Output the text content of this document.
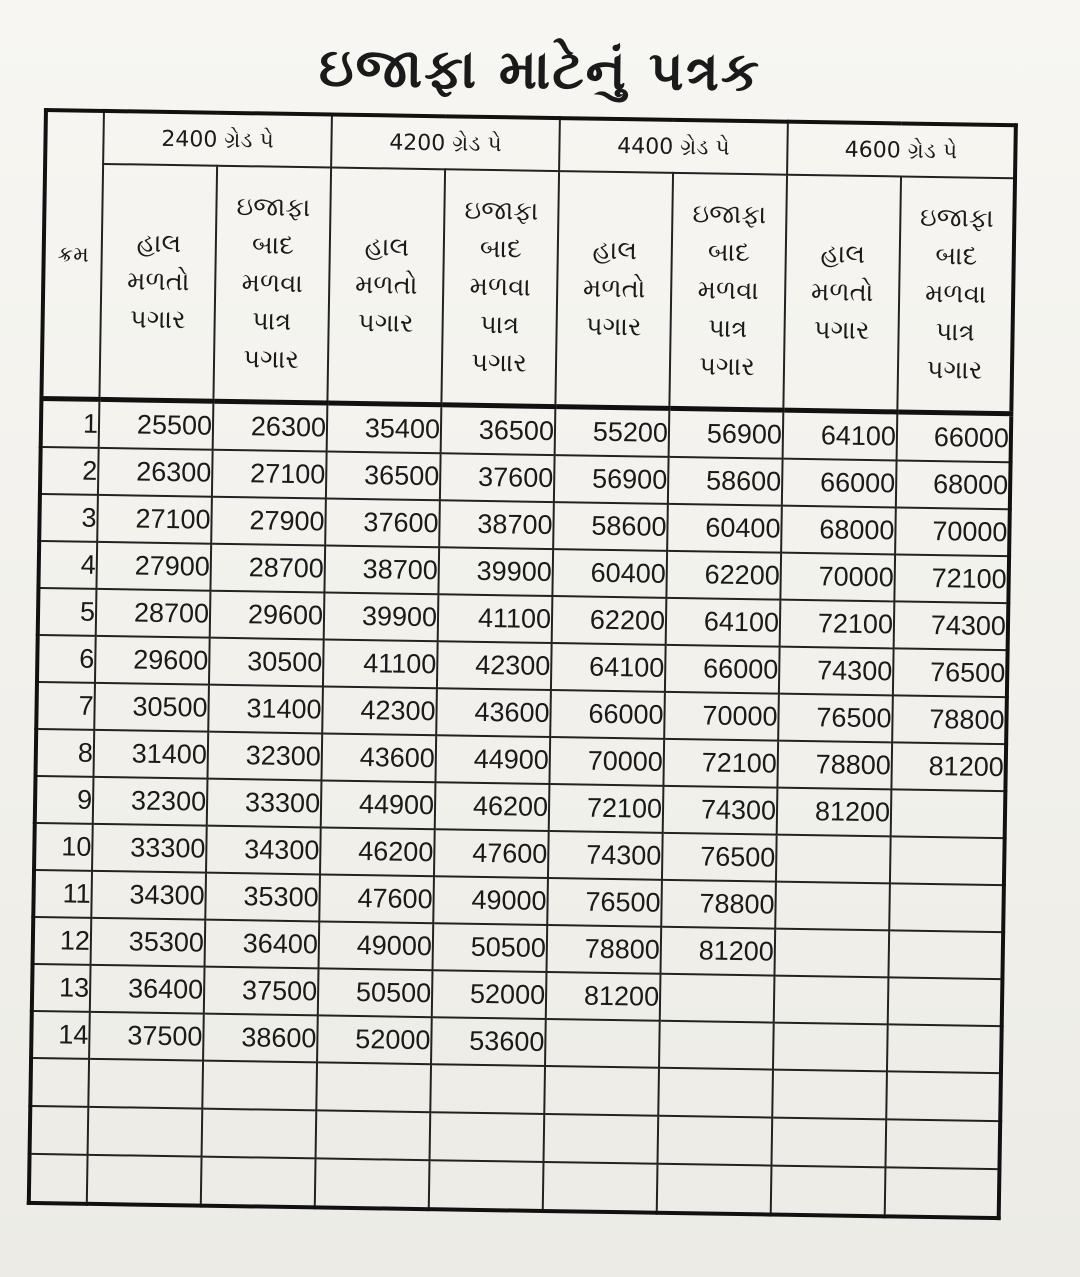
ઇજાફા માટેનું પત્રક
ક્રમ	2400 ગ્રેડ પે		4200 ગ્રેડ પે		4400 ગ્રેડ પે		4600 ગ્રેડ પે	

	હાલ
મળતો
પગાર	ઇજાફા
બાદ
મળવા
પાત્ર
પગાર	હાલ
મળતો
પગાર	ઇજાફા
બાદ
મળવા
પાત્ર
પગાર	હાલ
મળતો
પગાર	ઇજાફા
બાદ
મળવા
પાત્ર
પગાર	હાલ
મળતો
પગાર	ઇજાફા
બાદ
મળવા
પાત્ર
પગાર

1	25500	26300	35400	36500	55200	56900	64100	66000
2	26300	27100	36500	37600	56900	58600	66000	68000
3	27100	27900	37600	38700	58600	60400	68000	70000
4	27900	28700	38700	39900	60400	62200	70000	72100
5	28700	29600	39900	41100	62200	64100	72100	74300
6	29600	30500	41100	42300	64100	66000	74300	76500
7	30500	31400	42300	43600	66000	70000	76500	78800
8	31400	32300	43600	44900	70000	72100	78800	81200
9	32300	33300	44900	46200	72100	74300	81200	
10	33300	34300	46200	47600	74300	76500		
11	34300	35300	47600	49000	76500	78800		
12	35300	36400	49000	50500	78800	81200		
13	36400	37500	50500	52000	81200			
14	37500	38600	52000	53600				
